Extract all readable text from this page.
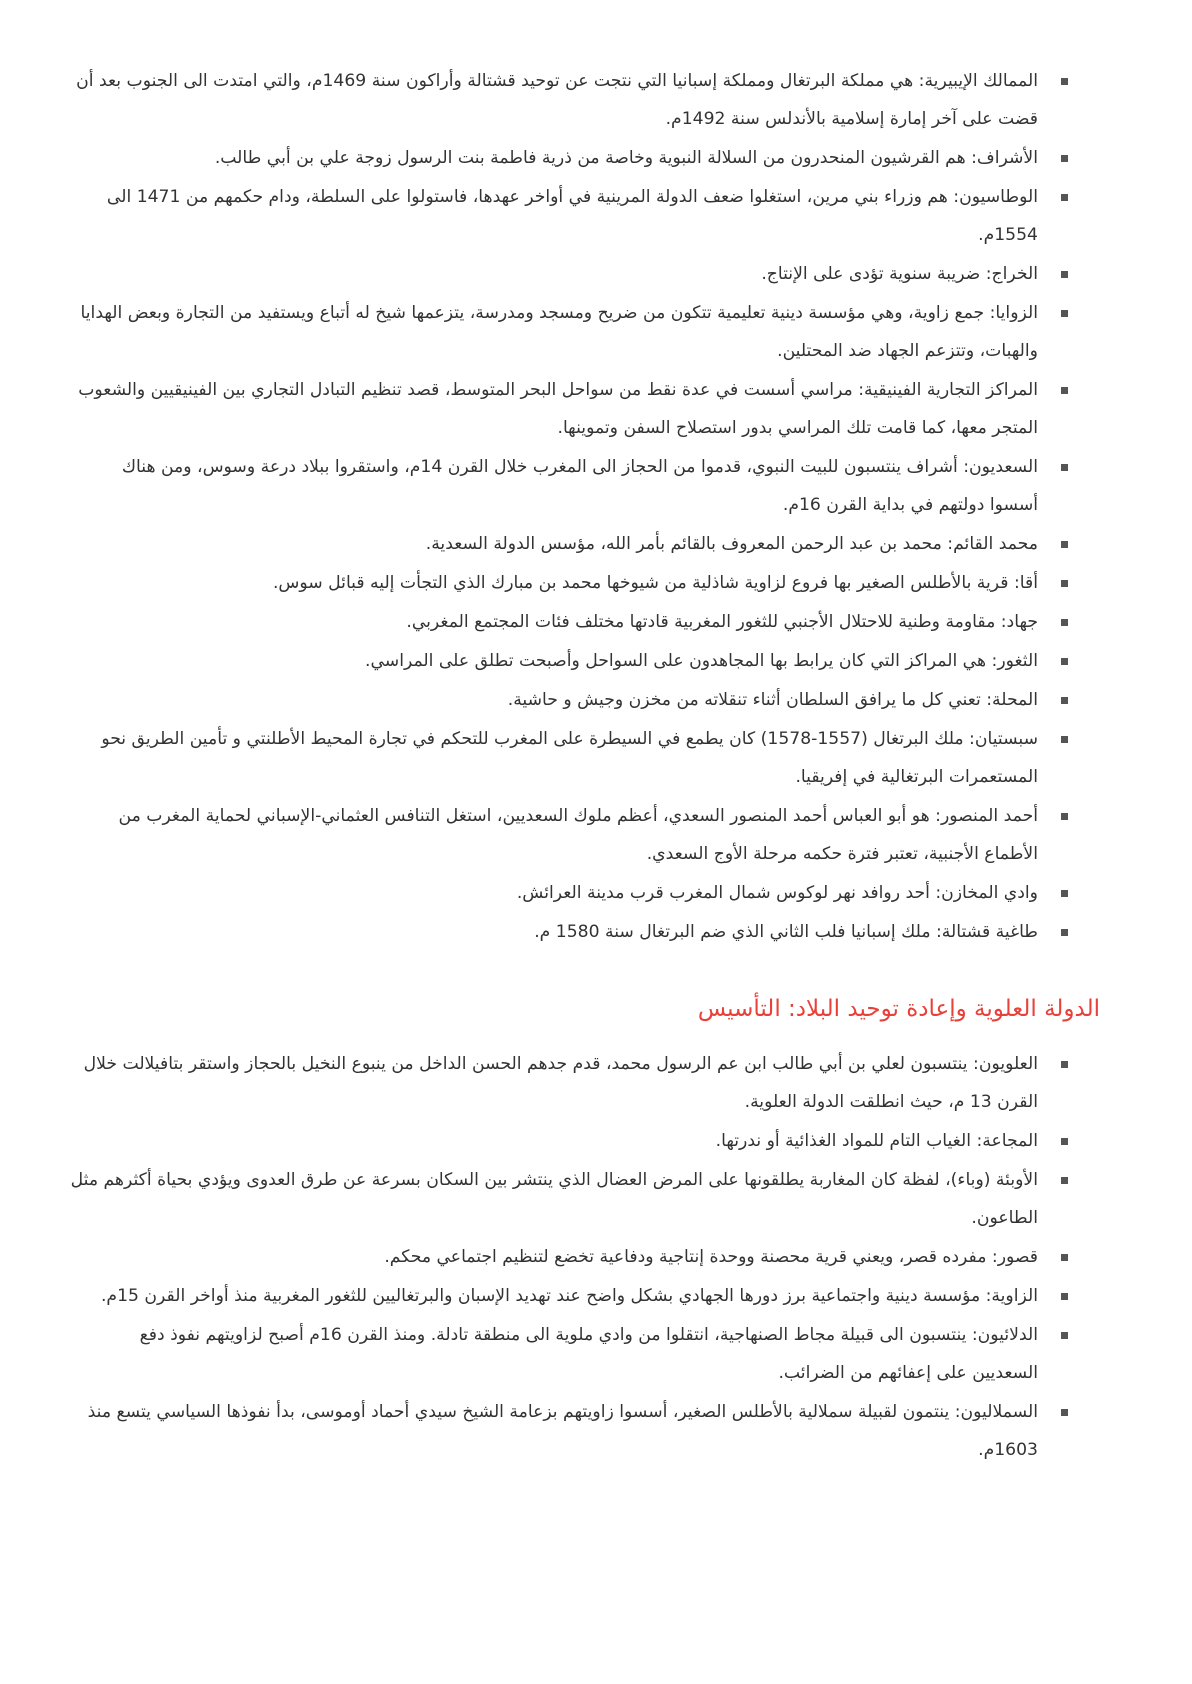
الممالك الإيبيرية: هي مملكة البرتغال ومملكة إسبانيا التي نتجت عن توحيد قشتالة وأراكون سنة 1469م، والتي امتدت الى الجنوب بعد أن قضت على آخر إمارة إسلامية بالأندلس سنة 1492م.
الأشراف: هم القرشيون المنحدرون من السلالة النبوية وخاصة من ذرية فاطمة بنت الرسول زوجة علي بن أبي طالب.
الوطاسيون: هم وزراء بني مرين، استغلوا ضعف الدولة المرينية في أواخر عهدها، فاستولوا على السلطة، ودام حكمهم من 1471 الى 1554م.
الخراج: ضريبة سنوية تؤدى على الإنتاج.
الزوايا: جمع زاوية، وهي مؤسسة دينية تعليمية تتكون من ضريح ومسجد ومدرسة، يتزعمها شيخ له أتباع ويستفيد من التجارة وبعض الهدايا والهبات، وتتزعم الجهاد ضد المحتلين.
المراكز التجارية الفينيقية: مراسي أسست في عدة نقط من سواحل البحر المتوسط، قصد تنظيم التبادل التجاري بين الفينيقيين والشعوب المتجر معها، كما قامت تلك المراسي بدور استصلاح السفن وتموينها.
السعديون: أشراف ينتسبون للبيت النبوي، قدموا من الحجاز الى المغرب خلال القرن 14م، واستقروا ببلاد درعة وسوس، ومن هناك أسسوا دولتهم في بداية القرن 16م.
محمد القائم: محمد بن عبد الرحمن المعروف بالقائم بأمر الله، مؤسس الدولة السعدية.
أقا: قرية بالأطلس الصغير بها فروع لزاوية شاذلية من شيوخها محمد بن مبارك الذي التجأت إليه قبائل سوس.
جهاد: مقاومة وطنية للاحتلال الأجنبي للثغور المغربية قادتها مختلف فئات المجتمع المغربي.
الثغور: هي المراكز التي كان يرابط بها المجاهدون على السواحل وأصبحت تطلق على المراسي.
المحلة: تعني كل ما يرافق السلطان أثناء تنقلاته من مخزن وجيش و حاشية.
سبستيان: ملك البرتغال (1557-1578) كان يطمع في السيطرة على المغرب للتحكم في تجارة المحيط الأطلنتي و تأمين الطريق نحو المستعمرات البرتغالية في إفريقيا.
أحمد المنصور: هو أبو العباس أحمد المنصور السعدي، أعظم ملوك السعديين، استغل التنافس العثماني-الإسباني لحماية المغرب من الأطماع الأجنبية، تعتبر فترة حكمه مرحلة الأوج السعدي.
وادي المخازن: أحد روافد نهر لوكوس شمال المغرب قرب مدينة العرائش.
طاغية قشتالة: ملك إسبانيا فلب الثاني الذي ضم البرتغال سنة 1580 م.
الدولة العلوية وإعادة توحيد البلاد: التأسيس
العلويون: ينتسبون لعلي بن أبي طالب ابن عم الرسول محمد، قدم جدهم الحسن الداخل من ينبوع النخيل بالحجاز واستقر بتافيلالت خلال القرن 13 م، حيث انطلقت الدولة العلوية.
المجاعة: الغياب التام للمواد الغذائية أو ندرتها.
الأوبئة (وباء)، لفظة كان المغاربة يطلقونها على المرض العضال الذي ينتشر بين السكان بسرعة عن طرق العدوى ويؤدي بحياة أكثرهم مثل الطاعون.
قصور: مفرده قصر، ويعني قرية محصنة ووحدة إنتاجية ودفاعية تخضع لتنظيم اجتماعي محكم.
الزاوية: مؤسسة دينية واجتماعية برز دورها الجهادي بشكل واضح عند تهديد الإسبان والبرتغاليين للثغور المغربية منذ أواخر القرن 15م.
الدلائيون: ينتسبون الى قبيلة مجاط الصنهاجية، انتقلوا من وادي ملوية الى منطقة تادلة. ومنذ القرن 16م أصبح لزاويتهم نفوذ دفع السعديين على إعفائهم من الضرائب.
السملاليون: ينتمون لقبيلة سملالية بالأطلس الصغير، أسسوا زاويتهم بزعامة الشيخ سيدي أحماد أوموسى، بدأ نفوذها السياسي يتسع منذ 1603م.
